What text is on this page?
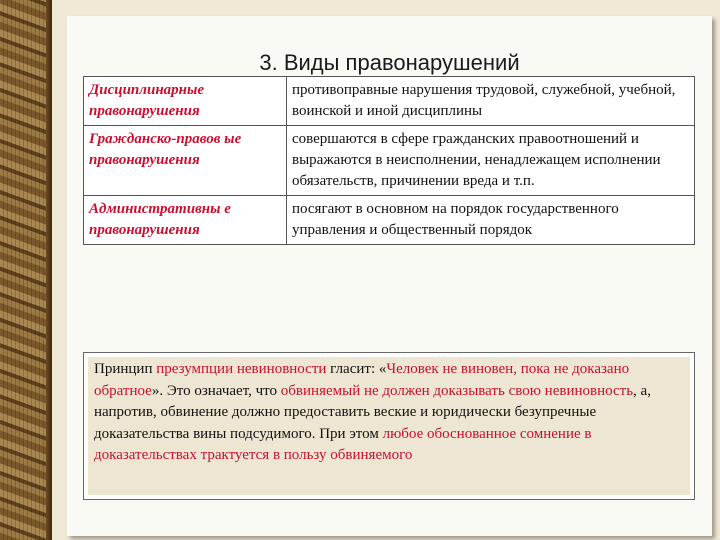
3. Виды правонарушений
Дисциплинарные правонарушения	противоправные нарушения трудовой, служебной, учебной, воинской и иной дисциплины
Гражданско-правов ые правонарушения	совершаются в сфере гражданских правоотношений и выражаются в неисполнении, ненадлежащем исполнении обязательств, причинении вреда и т.п.
Административны е правонарушения	посягают в основном на порядок государственного управления и общественный порядок
Принцип презумпции невиновности гласит: «Человек не виновен, пока не доказано обратное». Это означает, что обвиняемый не должен доказывать свою невиновность, а, напротив, обвинение должно предоставить веские и юридически безупречные доказательства вины подсудимого. При этом любое обоснованное сомнение в доказательствах трактуется в пользу обвиняемого
